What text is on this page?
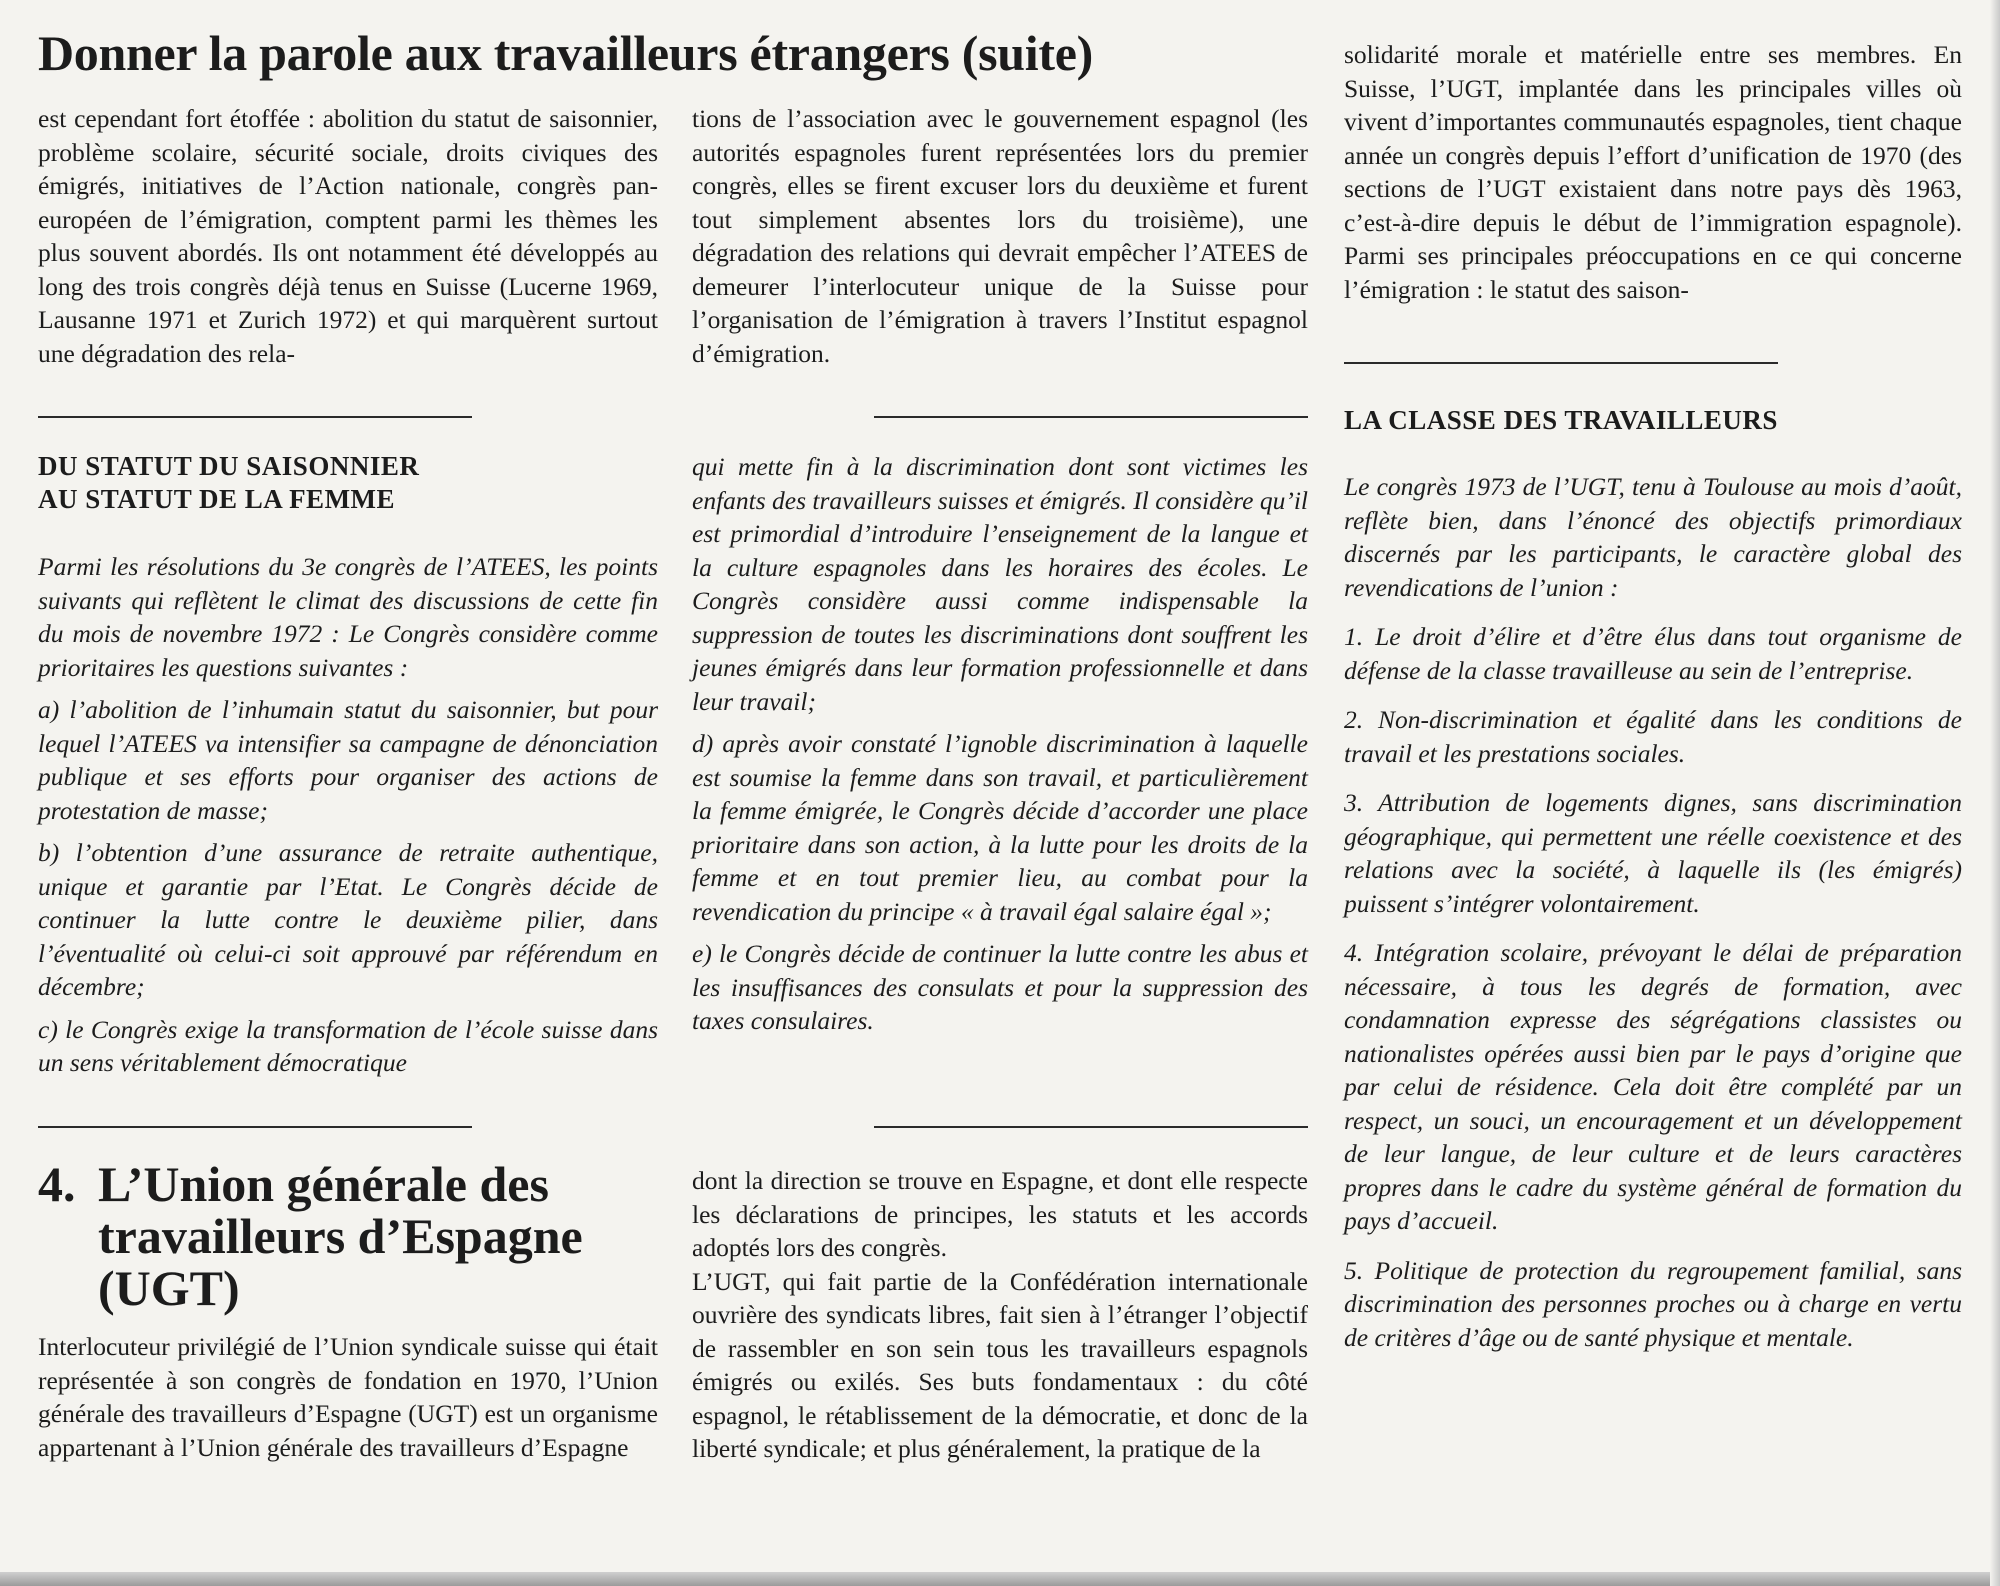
Donner la parole aux travailleurs étrangers (suite)

est cependant fort étoffée : abolition du statut de saisonnier, problème scolaire, sécurité sociale, droits civiques des émigrés, initiatives de l’Action nationale, congrès pan-européen de l’émigration, comptent parmi les thèmes les plus souvent abordés. Ils ont notamment été développés au long des trois congrès déjà tenus en Suisse (Lucerne 1969, Lausanne 1971 et Zurich 1972) et qui marquèrent surtout une dégradation des rela-

tions de l’association avec le gouvernement espagnol (les autorités espagnoles furent représentées lors du premier congrès, elles se firent excuser lors du deuxième et furent tout simplement absentes lors du troisième), une dégradation des relations qui devrait empêcher l’ATEES de demeurer l’interlocuteur unique de la Suisse pour l’organisation de l’émigration à travers l’Institut espagnol d’émigration.

solidarité morale et matérielle entre ses membres. En Suisse, l’UGT, implantée dans les principales villes où vivent d’importantes communautés espagnoles, tient chaque année un congrès depuis l’effort d’unification de 1970 (des sections de l’UGT existaient dans notre pays dès 1963, c’est-à-dire depuis le début de l’immigration espagnole). Parmi ses principales préoccupations en ce qui concerne l’émigration : le statut des saison-

DU STATUT DU SAISONNIER
AU STATUT DE LA FEMME

Parmi les résolutions du 3e congrès de l’ATEES, les points suivants qui reflètent le climat des discussions de cette fin du mois de novembre 1972 : Le Congrès considère comme prioritaires les questions suivantes :

a) l’abolition de l’inhumain statut du saisonnier, but pour lequel l’ATEES va intensifier sa campagne de dénonciation publique et ses efforts pour organiser des actions de protestation de masse;

b) l’obtention d’une assurance de retraite authentique, unique et garantie par l’Etat. Le Congrès décide de continuer la lutte contre le deuxième pilier, dans l’éventualité où celui-ci soit approuvé par référendum en décembre;

c) le Congrès exige la transformation de l’école suisse dans un sens véritablement démocratique

qui mette fin à la discrimination dont sont victimes les enfants des travailleurs suisses et émigrés. Il considère qu’il est primordial d’introduire l’enseignement de la langue et la culture espagnoles dans les horaires des écoles. Le Congrès considère aussi comme indispensable la suppression de toutes les discriminations dont souffrent les jeunes émigrés dans leur formation professionnelle et dans leur travail;

d) après avoir constaté l’ignoble discrimination à laquelle est soumise la femme dans son travail, et particulièrement la femme émigrée, le Congrès décide d’accorder une place prioritaire dans son action, à la lutte pour les droits de la femme et en tout premier lieu, au combat pour la revendication du principe « à travail égal salaire égal »;

e) le Congrès décide de continuer la lutte contre les abus et les insuffisances des consulats et pour la suppression des taxes consulaires.

LA CLASSE DES TRAVAILLEURS

Le congrès 1973 de l’UGT, tenu à Toulouse au mois d’août, reflète bien, dans l’énoncé des objectifs primordiaux discernés par les participants, le caractère global des revendications de l’union :

1. Le droit d’élire et d’être élus dans tout organisme de défense de la classe travailleuse au sein de l’entreprise.

2. Non-discrimination et égalité dans les conditions de travail et les prestations sociales.

3. Attribution de logements dignes, sans discrimination géographique, qui permettent une réelle coexistence et des relations avec la société, à laquelle ils (les émigrés) puissent s’intégrer volontairement.

4. Intégration scolaire, prévoyant le délai de préparation nécessaire, à tous les degrés de formation, avec condamnation expresse des ségrégations classistes ou nationalistes opérées aussi bien par le pays d’origine que par celui de résidence. Cela doit être complété par un respect, un souci, un encouragement et un développement de leur langue, de leur culture et de leurs caractères propres dans le cadre du système général de formation du pays d’accueil.

5. Politique de protection du regroupement familial, sans discrimination des personnes proches ou à charge en vertu de critères d’âge ou de santé physique et mentale.

4. L’Union générale des travailleurs d’Espagne (UGT)

Interlocuteur privilégié de l’Union syndicale suisse qui était représentée à son congrès de fondation en 1970, l’Union générale des travailleurs d’Espagne (UGT) est un organisme appartenant à l’Union générale des travailleurs d’Espagne

dont la direction se trouve en Espagne, et dont elle respecte les déclarations de principes, les statuts et les accords adoptés lors des congrès.

L’UGT, qui fait partie de la Confédération internationale ouvrière des syndicats libres, fait sien à l’étranger l’objectif de rassembler en son sein tous les travailleurs espagnols émigrés ou exilés. Ses buts fondamentaux : du côté espagnol, le rétablissement de la démocratie, et donc de la liberté syndicale; et plus généralement, la pratique de la
